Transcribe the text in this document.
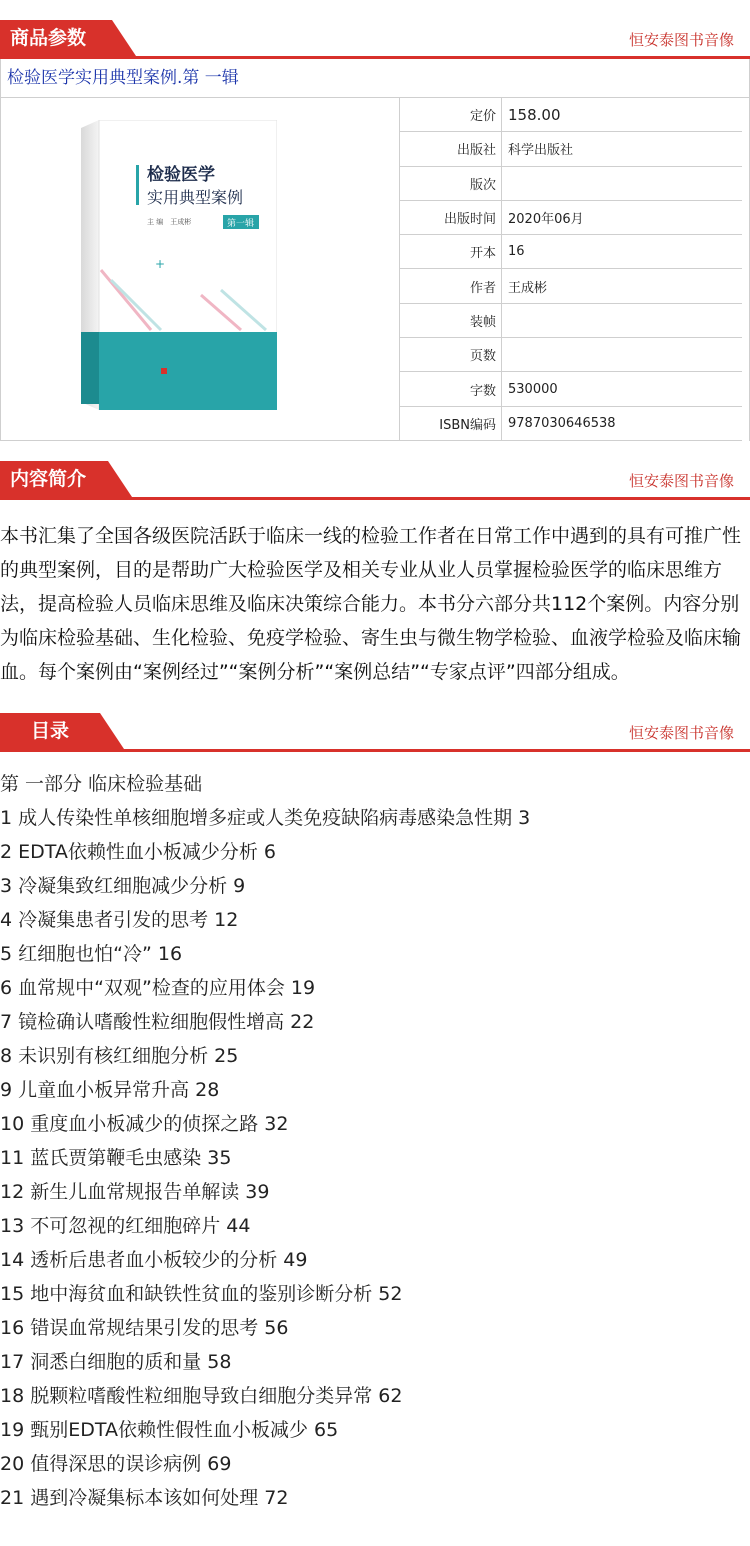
商品参数	恒安泰图书音像
检验医学实用典型案例.第 一辑
检验医学
实用典型案例
主 编　王成彬	第一辑
+
定价	158.00
出版社	科学出版社
版次	
出版时间	2020年06月
开本	16
作者	王成彬
装帧	
页数	
字数	530000
ISBN编码	9787030646538
内容简介	恒安泰图书音像

本书汇集了全国各级医院活跃于临床一线的检验工作者在日常工作中遇到的具有可推广性的典型案例，目的是帮助广大检验医学及相关专业从业人员掌握检验医学的临床思维方法，提高检验人员临床思维及临床决策综合能力。本书分六部分共112个案例。内容分别为临床检验基础、生化检验、免疫学检验、寄生虫与微生物学检验、血液学检验及临床输血。每个案例由“案例经过”“案例分析”“案例总结”“专家点评”四部分组成。

目录	恒安泰图书音像
第 一部分 临床检验基础
1 成人传染性单核细胞增多症或人类免疫缺陷病毒感染急性期 3
2 EDTA依赖性血小板减少分析 6
3 冷凝集致红细胞减少分析 9
4 冷凝集患者引发的思考 12
5 红细胞也怕“冷” 16
6 血常规中“双观”检查的应用体会 19
7 镜检确认嗜酸性粒细胞假性增高 22
8 未识别有核红细胞分析 25
9 儿童血小板异常升高 28
10 重度血小板减少的侦探之路 32
11 蓝氏贾第鞭毛虫感染 35
12 新生儿血常规报告单解读 39
13 不可忽视的红细胞碎片 44
14 透析后患者血小板较少的分析 49
15 地中海贫血和缺铁性贫血的鉴别诊断分析 52
16 错误血常规结果引发的思考 56
17 洞悉白细胞的质和量 58
18 脱颗粒嗜酸性粒细胞导致白细胞分类异常 62
19 甄别EDTA依赖性假性血小板减少 65
20 值得深思的误诊病例 69
21 遇到冷凝集标本该如何处理 72
